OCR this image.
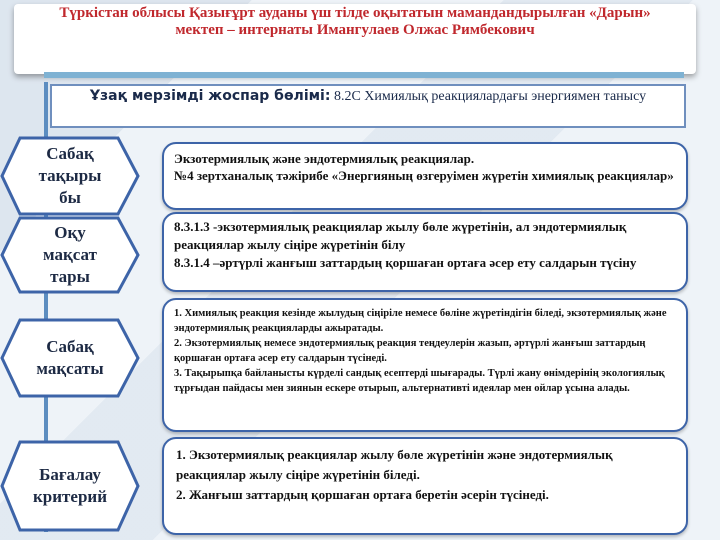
Түркістан облысы Қазығұрт ауданы үш тілде оқытатын мамандандырылған «Дарын» мектеп – интернаты Имангулаев Олжас Римбекович

Ұзақ мерзімді жоспар бөлімі: 8.2С Химиялық реакциялардағы энергиямен танысу
Сабақ тақыры бы

Экзотермиялық және эндотермиялық реакциялар.
№4 зертханалық тәжірибе «Энергияның өзгеруімен жүретін химиялық реакциялар»

Оқу мақсат тары

8.3.1.3 -экзотермиялық реакциялар жылу бөле жүретінін, ал эндотермиялық реакциялар жылу сіңіре жүретінін білу
8.3.1.4 –әртүрлі жанғыш заттардың қоршаған ортаға әсер ету салдарын түсіну

Сабақ мақсаты

1. Химиялық реакция кезінде жылудың сіңіріле немесе бөліне жүретіндігін біледі, экзотермиялық және эндотермиялық реакцияларды ажыратады.
2. Экзотермиялық немесе эндотермиялық реакция теңдеулерін жазып, әртүрлі жанғыш заттардың қоршаған ортаға әсер ету салдарын түсінеді.
3. Тақырыпқа байланысты күрделі сандық есептерді шығарады. Түрлі жану өнімдерінің экологиялық тұрғыдан пайдасы мен зиянын ескере отырып, альтернативті идеялар мен ойлар ұсына алады.

Бағалау критерий

1. Экзотермиялық реакциялар жылу бөле жүретінін және эндотермиялық реакциялар жылу сіңіре жүретінін біледі.
2. Жанғыш заттардың қоршаған ортаға беретін әсерін түсінеді.
